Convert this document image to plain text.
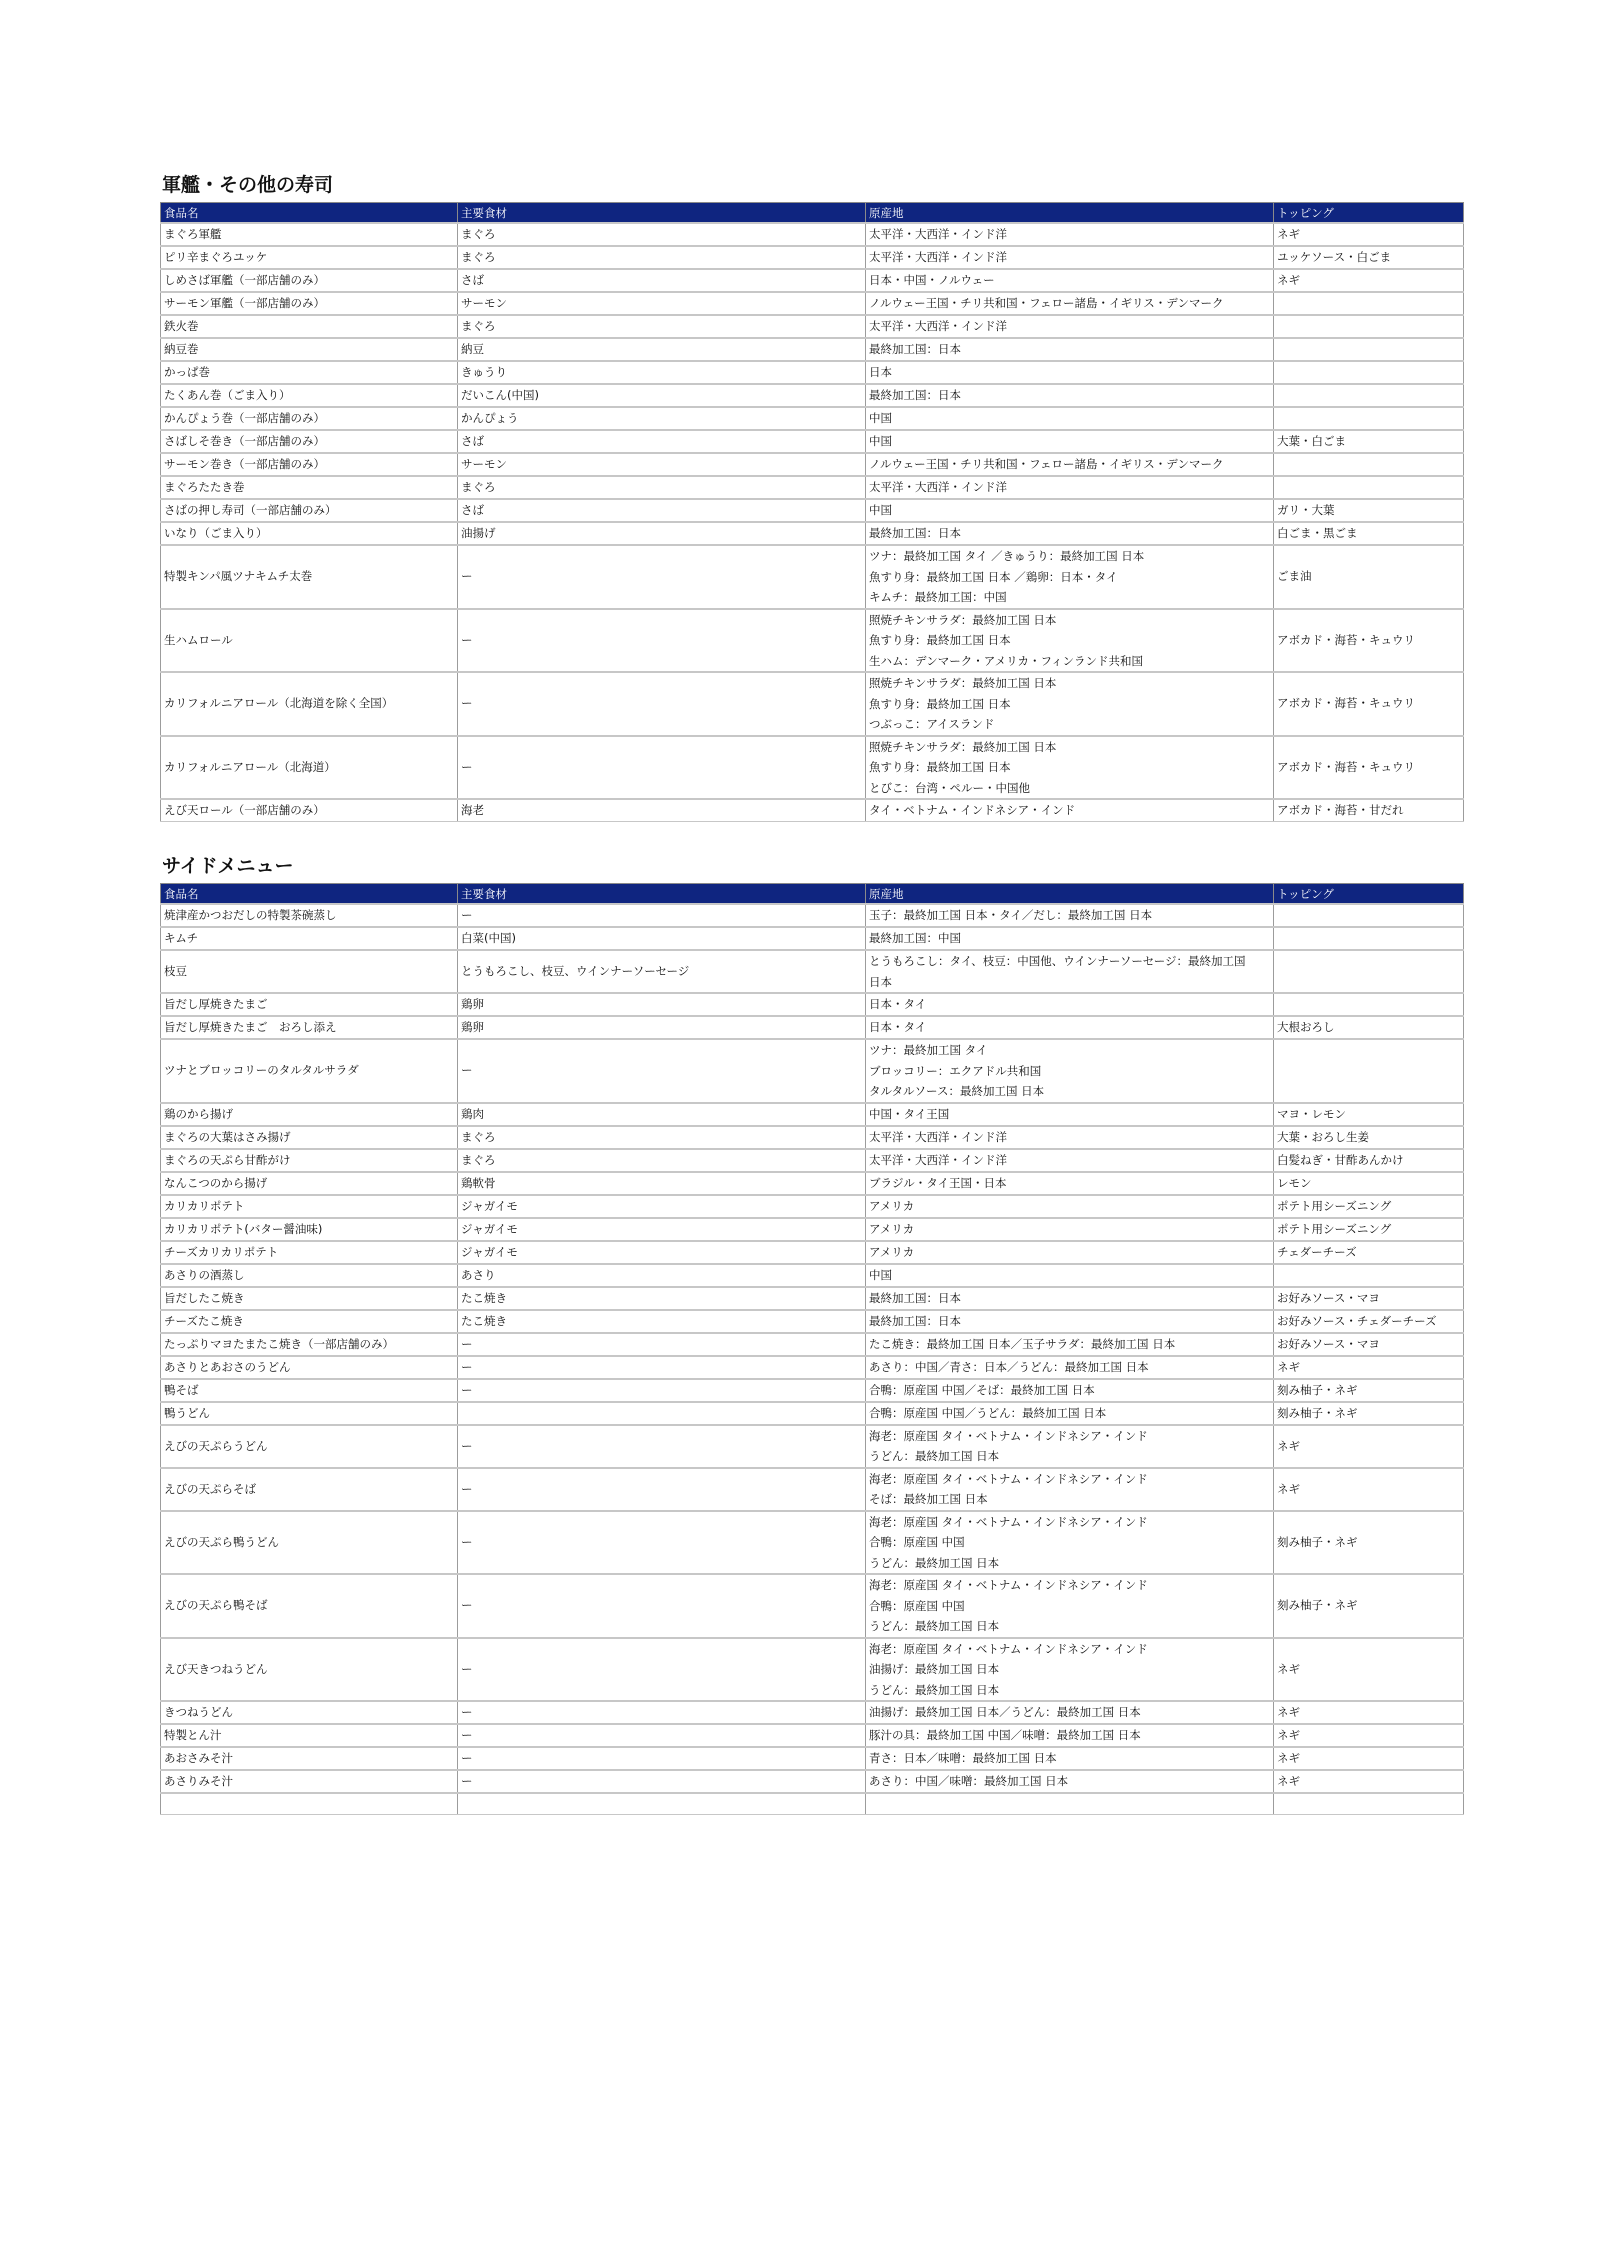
軍艦・その他の寿司
食品名	主要食材	原産地	トッピング
まぐろ軍艦	まぐろ	太平洋・大西洋・インド洋	ネギ
ピリ辛まぐろユッケ	まぐろ	太平洋・大西洋・インド洋	ユッケソース・白ごま
しめさば軍艦（一部店舗のみ）	さば	日本・中国・ノルウェー	ネギ
サーモン軍艦（一部店舗のみ）	サーモン	ノルウェー王国・チリ共和国・フェロー諸島・イギリス・デンマーク	
鉄火巻	まぐろ	太平洋・大西洋・インド洋	
納豆巻	納豆	最終加工国：日本	
かっぱ巻	きゅうり	日本	
たくあん巻（ごま入り）	だいこん(中国)	最終加工国：日本	
かんぴょう巻（一部店舗のみ）	かんぴょう	中国	
さばしそ巻き（一部店舗のみ）	さば	中国	大葉・白ごま
サーモン巻き（一部店舗のみ）	サーモン	ノルウェー王国・チリ共和国・フェロー諸島・イギリス・デンマーク	
まぐろたたき巻	まぐろ	太平洋・大西洋・インド洋	
さばの押し寿司（一部店舗のみ）	さば	中国	ガリ・大葉
いなり（ごま入り）	油揚げ	最終加工国：日本	白ごま・黒ごま
特製キンパ風ツナキムチ太巻	ー	ツナ：最終加工国 タイ ／きゅうり：最終加工国 日本
魚すり身：最終加工国 日本 ／鶏卵：日本・タイ
キムチ：最終加工国：中国	ごま油
生ハムロール	ー	照焼チキンサラダ：最終加工国 日本
魚すり身：最終加工国 日本
生ハム：デンマーク・アメリカ・フィンランド共和国	アボカド・海苔・キュウリ
カリフォルニアロール（北海道を除く全国）	ー	照焼チキンサラダ：最終加工国 日本
魚すり身：最終加工国 日本
つぶっこ：アイスランド	アボカド・海苔・キュウリ
カリフォルニアロール（北海道）	ー	照焼チキンサラダ：最終加工国 日本
魚すり身：最終加工国 日本
とびこ：台湾・ペルー・中国他	アボカド・海苔・キュウリ
えび天ロール（一部店舗のみ）	海老	タイ・ベトナム・インドネシア・インド	アボカド・海苔・甘だれ
サイドメニュー
食品名	主要食材	原産地	トッピング
焼津産かつおだしの特製茶碗蒸し	ー	玉子：最終加工国 日本・タイ／だし：最終加工国 日本	
キムチ	白菜(中国)	最終加工国：中国	
枝豆	とうもろこし、枝豆、ウインナーソーセージ	とうもろこし：タイ、枝豆：中国他、ウインナーソーセージ：最終加工国
日本	
旨だし厚焼きたまご	鶏卵	日本・タイ	
旨だし厚焼きたまご　おろし添え	鶏卵	日本・タイ	大根おろし
ツナとブロッコリーのタルタルサラダ	ー	ツナ：最終加工国 タイ
ブロッコリー：エクアドル共和国
タルタルソース：最終加工国 日本	
鶏のから揚げ	鶏肉	中国・タイ王国	マヨ・レモン
まぐろの大葉はさみ揚げ	まぐろ	太平洋・大西洋・インド洋	大葉・おろし生姜
まぐろの天ぷら甘酢がけ	まぐろ	太平洋・大西洋・インド洋	白髪ねぎ・甘酢あんかけ
なんこつのから揚げ	鶏軟骨	ブラジル・タイ王国・日本	レモン
カリカリポテト	ジャガイモ	アメリカ	ポテト用シーズニング
カリカリポテト(バター醤油味)	ジャガイモ	アメリカ	ポテト用シーズニング
チーズカリカリポテト	ジャガイモ	アメリカ	チェダーチーズ
あさりの酒蒸し	あさり	中国	
旨だしたこ焼き	たこ焼き	最終加工国：日本	お好みソース・マヨ
チーズたこ焼き	たこ焼き	最終加工国：日本	お好みソース・チェダーチーズ
たっぷりマヨたまたこ焼き（一部店舗のみ）	ー	たこ焼き：最終加工国 日本／玉子サラダ：最終加工国 日本	お好みソース・マヨ
あさりとあおさのうどん	ー	あさり：中国／青さ：日本／うどん：最終加工国 日本	ネギ
鴨そば	ー	合鴨：原産国 中国／そば：最終加工国 日本	刻み柚子・ネギ
鴨うどん		合鴨：原産国 中国／うどん：最終加工国 日本	刻み柚子・ネギ
えびの天ぷらうどん	ー	海老：原産国 タイ・ベトナム・インドネシア・インド
うどん：最終加工国 日本	ネギ
えびの天ぷらそば	ー	海老：原産国 タイ・ベトナム・インドネシア・インド
そば：最終加工国 日本	ネギ
えびの天ぷら鴨うどん	ー	海老：原産国 タイ・ベトナム・インドネシア・インド
合鴨：原産国 中国
うどん：最終加工国 日本	刻み柚子・ネギ
えびの天ぷら鴨そば	ー	海老：原産国 タイ・ベトナム・インドネシア・インド
合鴨：原産国 中国
うどん：最終加工国 日本	刻み柚子・ネギ
えび天きつねうどん	ー	海老：原産国 タイ・ベトナム・インドネシア・インド
油揚げ：最終加工国 日本
うどん：最終加工国 日本	ネギ
きつねうどん	ー	油揚げ：最終加工国 日本／うどん：最終加工国 日本	ネギ
特製とん汁	ー	豚汁の具：最終加工国 中国／味噌：最終加工国 日本	ネギ
あおさみそ汁	ー	青さ：日本／味噌：最終加工国 日本	ネギ
あさりみそ汁	ー	あさり：中国／味噌：最終加工国 日本	ネギ
